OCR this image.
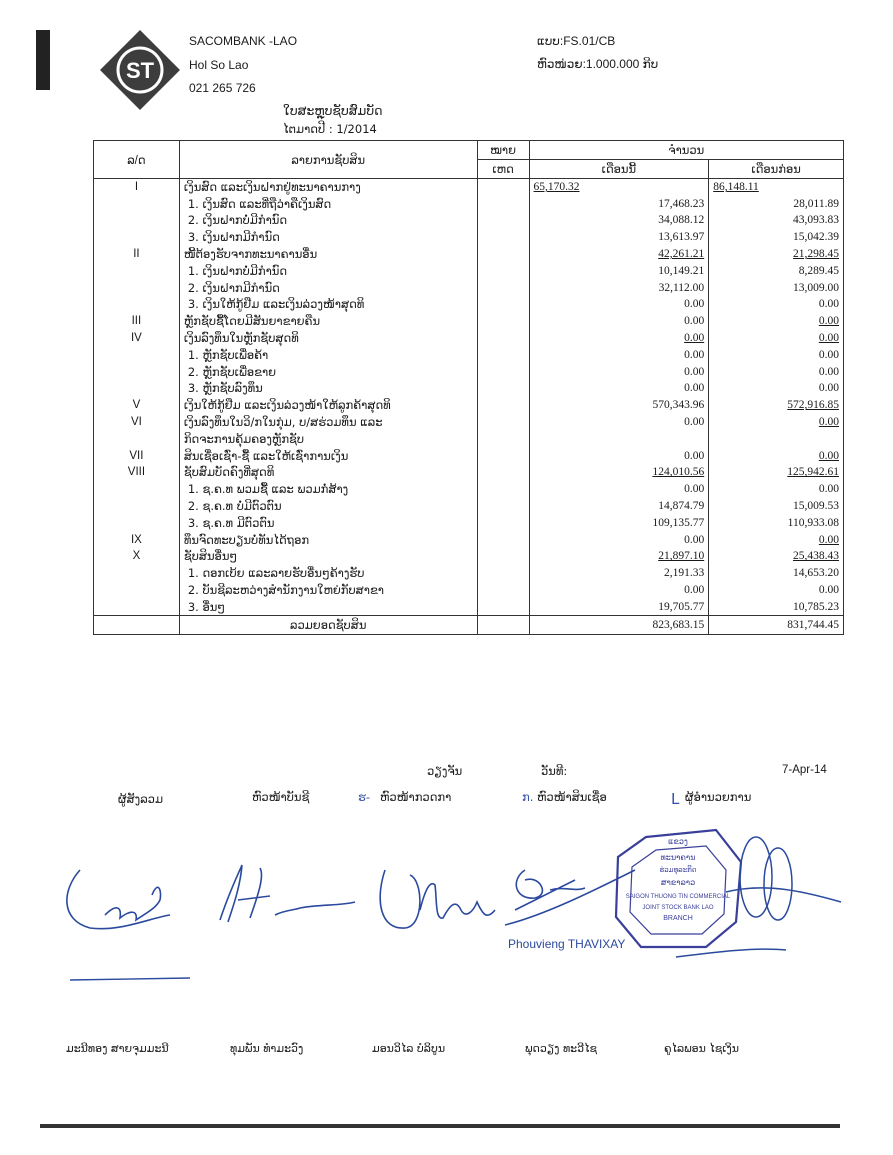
ST
SACOMBANK -LAO
Hol So Lao
021 265 726
ແບບ:FS.01/CB
ຫົວໜ່ວຍ:1.000.000 ກີບ
ໃບສະຫຼຸບຊັບສົມບັດ
ໄຕມາດປີ : 1/2014
ລ/ດ	ລາຍການຊັບສິນ	ໝາຍ	ຈຳນວນ	
		ເຫດ	ເດືອນນີ້	ເດືອນກ່ອນ
I	ເງິນສົດ ແລະເງິນຝາກຢູ່ທະນາຄານກາງ		65,170.32	86,148.11
	1. ເງິນສົດ ແລະທີ່ຖືວ່າຄືເງິນສົດ		17,468.23	28,011.89
	2. ເງິນຝາກບໍ່ມີກຳນົດ		34,088.12	43,093.83
	3. ເງິນຝາກມີກຳນົດ		13,613.97	15,042.39
II	ໜີ້ຕ້ອງຮັບຈາກທະນາຄານອື່ນ		42,261.21	21,298.45
	1. ເງິນຝາກບໍ່ມີກຳນົດ		10,149.21	8,289.45
	2. ເງິນຝາກມີກຳນົດ		32,112.00	13,009.00
	3. ເງິນໃຫ້ກູ້ຢືມ ແລະເງິນລ່ວງໜ້າສຸດທິ		0.00	0.00
III	ຫຼັກຊັບຊື້ໂດຍມີສັນຍາຂາຍຄືນ		0.00	0.00
IV	ເງິນລົງທຶນໃນຫຼັກຊັບສຸດທິ		0.00	0.00
	1. ຫຼັກຊັບເພື່ອຄ້າ		0.00	0.00
	2. ຫຼັກຊັບເພື່ອຂາຍ		0.00	0.00
	3. ຫຼັກຊັບລົງທຶນ		0.00	0.00
V	ເງິນໃຫ້ກູ້ຢືມ ແລະເງິນລ່ວງໜ້າໃຫ້ລູກຄ້າສຸດທິ		570,343.96	572,916.85
VI	ເງິນລົງທຶນໃນວິ/ກໃນກຸ່ມ, ບ/ສຮ່ວມທຶນ ແລະ		0.00	0.00
	ກິດຈະການຄຸ້ມຄອງຫຼັກຊັບ			
VII	ສິນເຊື່ອເຊົ່າ-ຊື້ ແລະໃຫ້ເຊົ່າການເງິນ		0.00	0.00
VIII	ຊັບສົມບັດຄົງທີ່ສຸດທິ		124,010.56	125,942.61
	1. ຊ.ຄ.ທ ພວມຊື້ ແລະ ພວມກໍ່ສ້າງ		0.00	0.00
	2. ຊ.ຄ.ທ ບໍ່ມີຕົວຕົນ		14,874.79	15,009.53
	3. ຊ.ຄ.ທ ມີຕົວຕົນ		109,135.77	110,933.08
IX	ທຶນຈົດທະບຽນບໍ່ທັນໄດ້ຖອກ		0.00	0.00
X	ຊັບສິນອື່ນໆ		21,897.10	25,438.43
	1. ດອກເບ້ຍ ແລະລາຍຮັບອື່ນໆຄ້າງຮັບ		2,191.33	14,653.20
	2. ບັນຊີລະຫວ່າງສຳນັກງານໃຫຍ່ກັບສາຂາ		0.00	0.00
	3. ອື່ນໆ		19,705.77	10,785.23
	ລວມຍອດຊັບສິນ		823,683.15	831,744.45
ວຽງຈັນ	ວັນທີ:	7-Apr-14
ຜູ້ສັງລວມ	ຫົວໜ້າບັນຊີ	ຮ- ຫົວໜ້າກວດກາ	ກ. ຫົວໜ້າສິນເຊື່ອ	L ຜູ້ອຳນວຍການ
ແຂວງ
ທະນາຄານ
ຮ່ວມທຸລະກິດ
ສາຂາລາວ
SAIGON THUONG TIN COMMERCIAL
JOINT STOCK BANK LAO
BRANCH
Phouvieng THAVIXAY
ມະນີທອງ ສາຍຈຸມມະນີ	ທຸມພັນ ທຳມະວົງ	ມອນວິໄລ ບໍລິບູນ	ພຸດວຽງ ທະວີໄຊ	ຄູໄລພອນ ໄຊເງິນ
